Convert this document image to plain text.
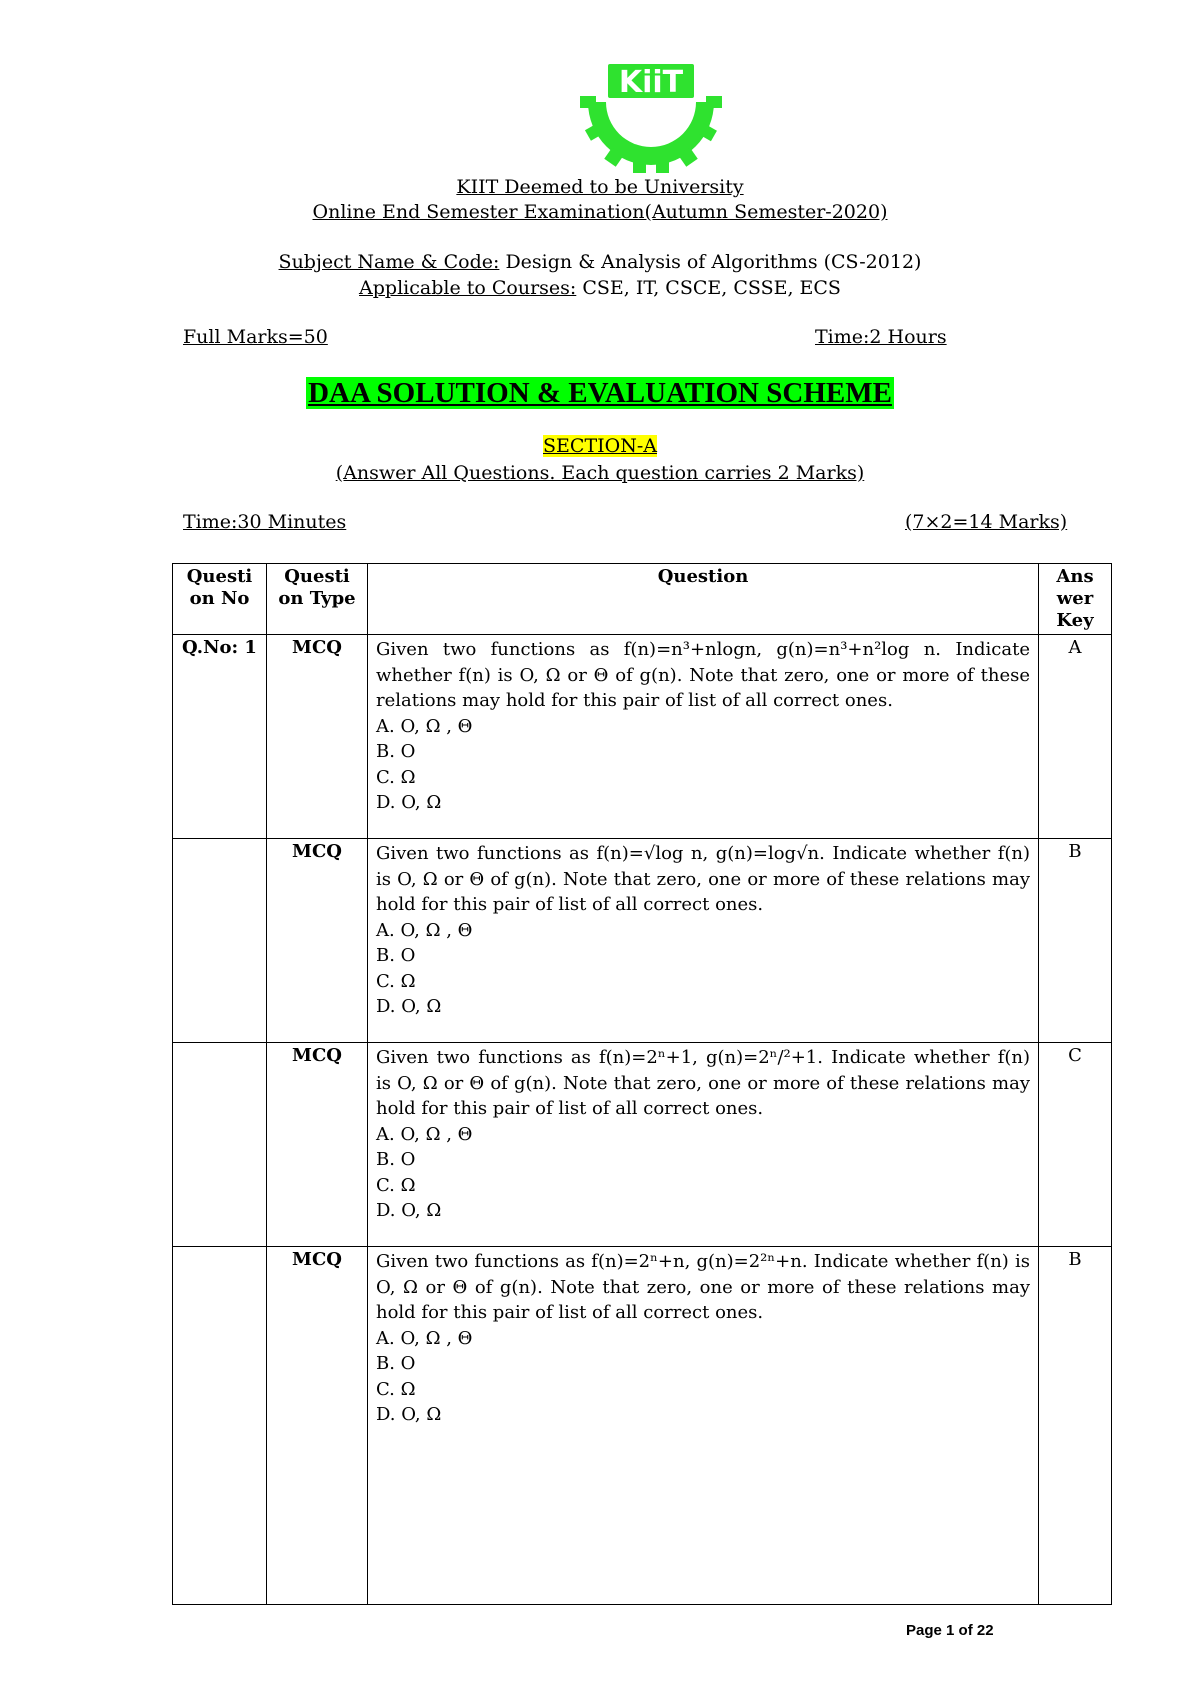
KiiT
KIIT Deemed to be University
Online End Semester Examination(Autumn Semester-2020)
Subject Name & Code: Design & Analysis of Algorithms (CS-2012)
Applicable to Courses: CSE, IT, CSCE, CSSE, ECS
Full Marks=50	Time:2 Hours
DAA SOLUTION & EVALUATION SCHEME
SECTION-A
(Answer All Questions. Each question carries 2 Marks)
Time:30 Minutes	(7×2=14 Marks)
Questi on No	Questi on Type	Question	Ans wer Key
Q.No: 1	MCQ	Given two functions as f(n)=n³+nlogn, g(n)=n³+n²log n. Indicate whether f(n) is O, Ω or Θ of g(n). Note that zero, one or more of these relations may hold for this pair of list of all correct ones.
A. O, Ω , Θ
B. O
C. Ω
D. O, Ω	A
	MCQ	Given two functions as f(n)=√log n, g(n)=log√n. Indicate whether f(n) is O, Ω or Θ of g(n). Note that zero, one or more of these relations may hold for this pair of list of all correct ones.
A. O, Ω , Θ
B. O
C. Ω
D. O, Ω	B
	MCQ	Given two functions as f(n)=2ⁿ+1, g(n)=2ⁿ/²+1. Indicate whether f(n) is O, Ω or Θ of g(n). Note that zero, one or more of these relations may hold for this pair of list of all correct ones.
A. O, Ω , Θ
B. O
C. Ω
D. O, Ω	C
	MCQ	Given two functions as f(n)=2ⁿ+n, g(n)=2²ⁿ+n. Indicate whether f(n) is O, Ω or Θ of g(n). Note that zero, one or more of these relations may hold for this pair of list of all correct ones.
A. O, Ω , Θ
B. O
C. Ω
D. O, Ω	B
Page 1 of 22
